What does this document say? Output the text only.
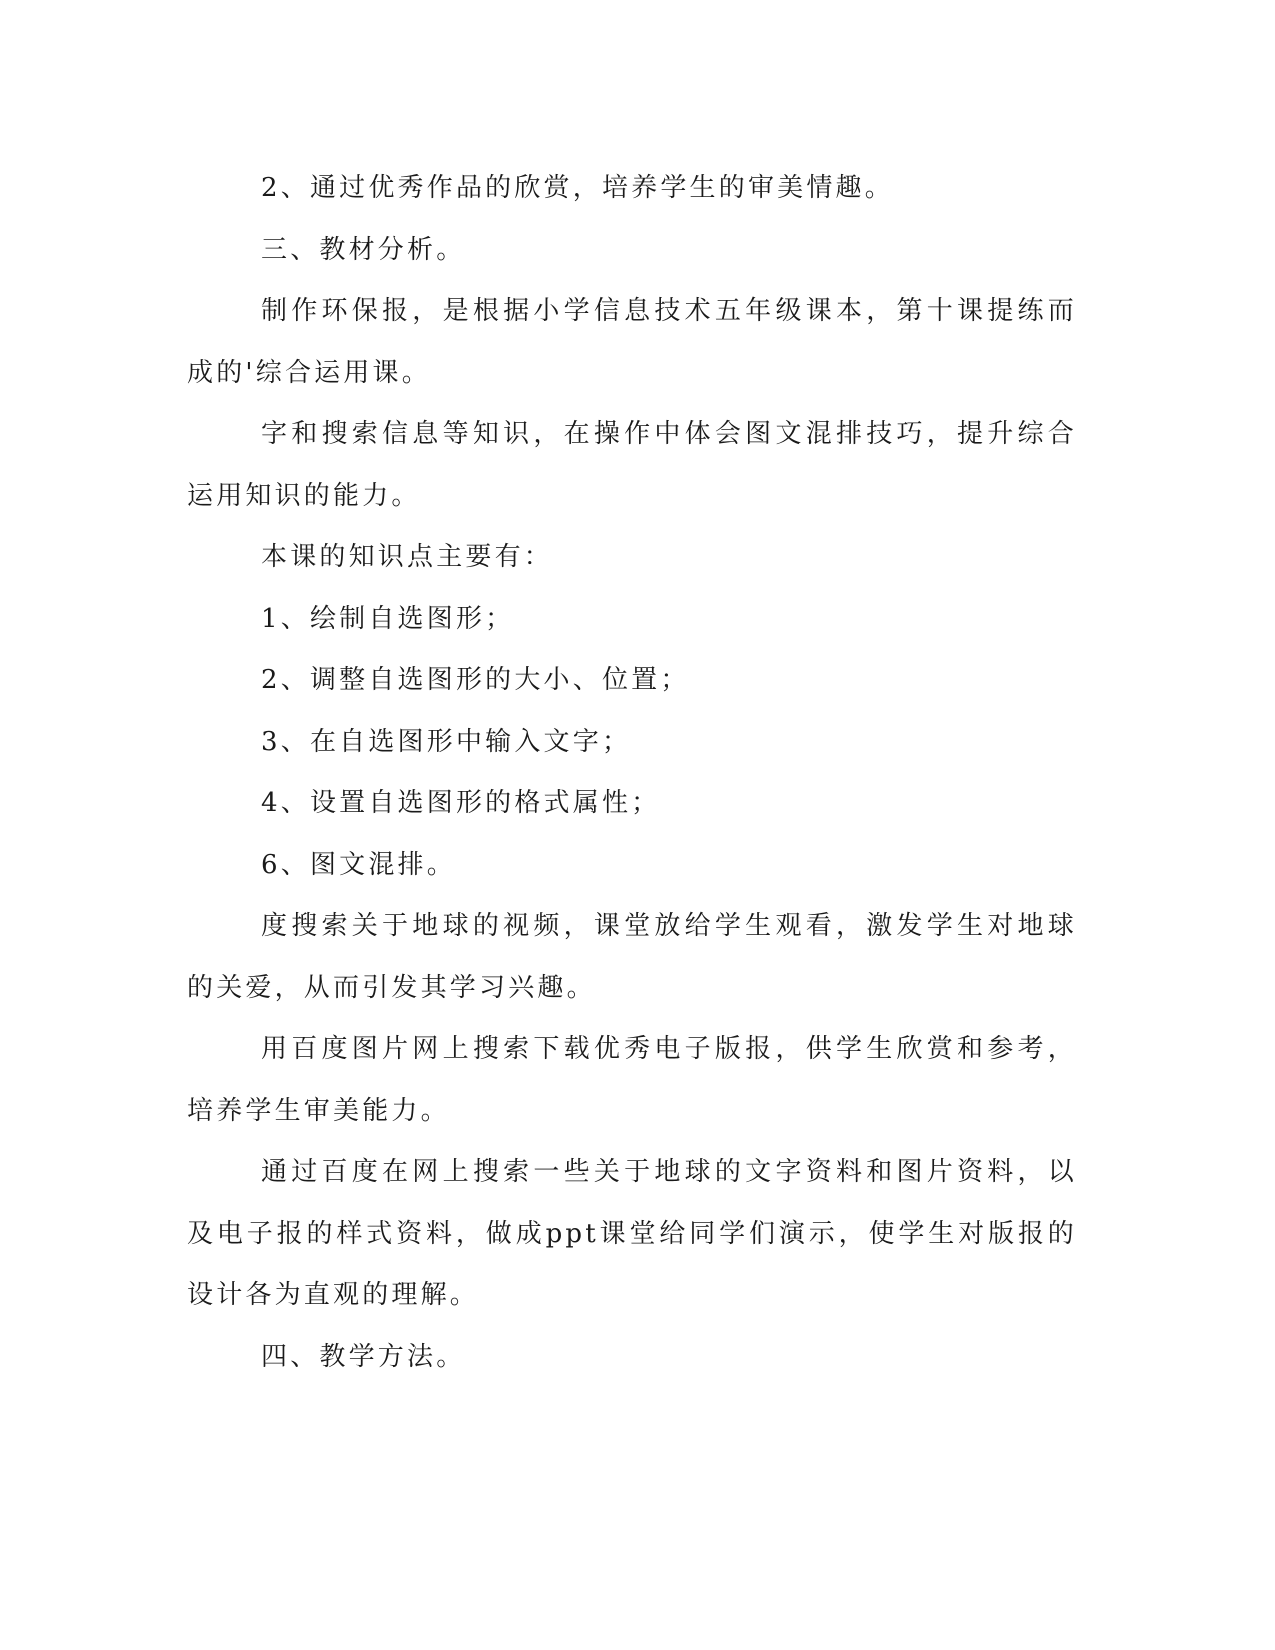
2、通过优秀作品的欣赏，培养学生的审美情趣。

三、教材分析。

制作环保报，是根据小学信息技术五年级课本，第十课提练而成的'综合运用课。

字和搜索信息等知识，在操作中体会图文混排技巧，提升综合运用知识的能力。

本课的知识点主要有：

1、绘制自选图形；

2、调整自选图形的大小、位置；

3、在自选图形中输入文字；

4、设置自选图形的格式属性；

6、图文混排。

度搜索关于地球的视频，课堂放给学生观看，激发学生对地球的关爱，从而引发其学习兴趣。

用百度图片网上搜索下载优秀电子版报，供学生欣赏和参考，培养学生审美能力。

通过百度在网上搜索一些关于地球的文字资料和图片资料，以及电子报的样式资料，做成ppt课堂给同学们演示，使学生对版报的设计各为直观的理解。

四、教学方法。
